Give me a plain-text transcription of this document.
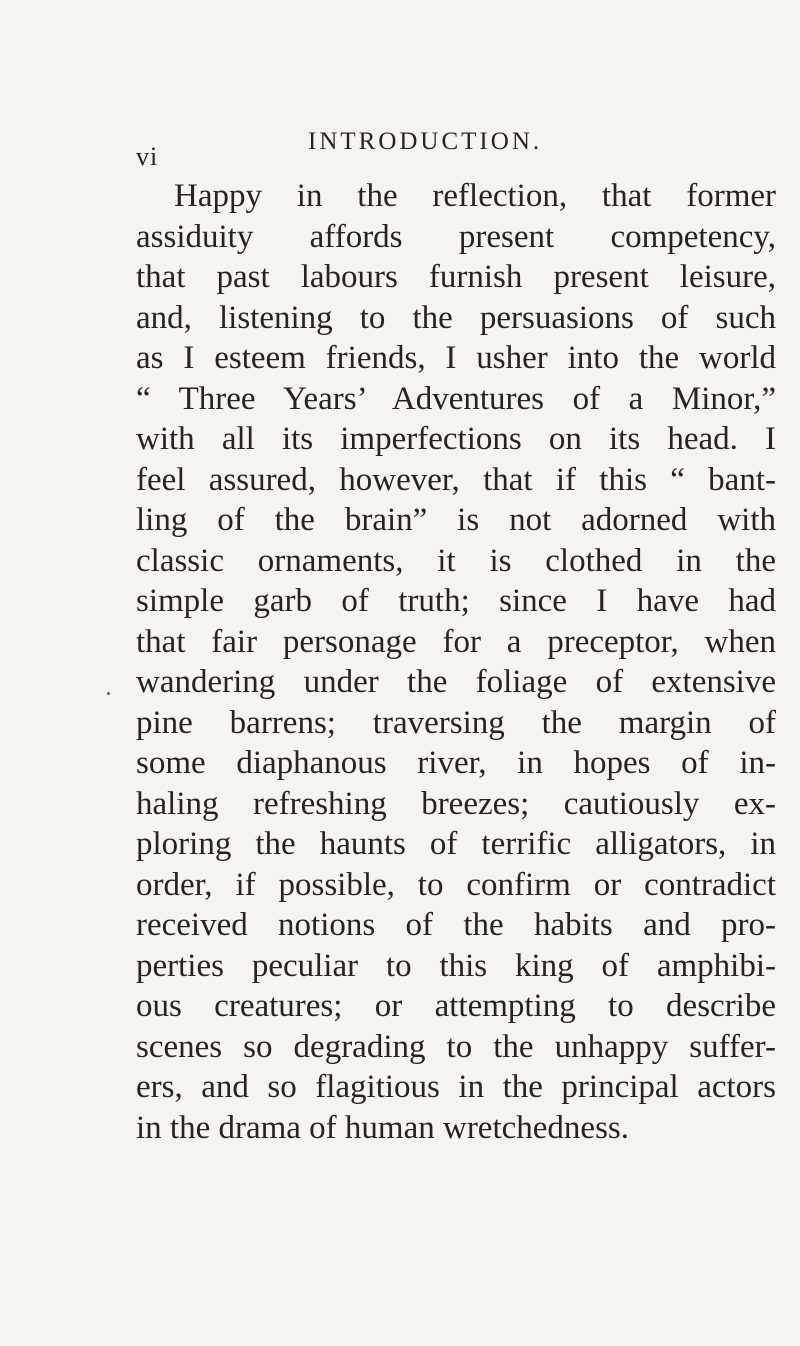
vi
INTRODUCTION.
Happy in the reflection, that former
assiduity affords present competency,
that past labours furnish present leisure,
and, listening to the persuasions of such
as I esteem friends, I usher into the world
“ Three Years’ Adventures of a Minor,”
with all its imperfections on its head. I
feel assured, however, that if this “ bant-
ling of the brain” is not adorned with
classic ornaments, it is clothed in the
simple garb of truth; since I have had
that fair personage for a preceptor, when
wandering under the foliage of extensive
pine barrens; traversing the margin of
some diaphanous river, in hopes of in-
haling refreshing breezes; cautiously ex-
ploring the haunts of terrific alligators, in
order, if possible, to confirm or contradict
received notions of the habits and pro-
perties peculiar to this king of amphibi-
ous creatures; or attempting to describe
scenes so degrading to the unhappy suffer-
ers, and so flagitious in the principal actors
in the drama of human wretchedness.
